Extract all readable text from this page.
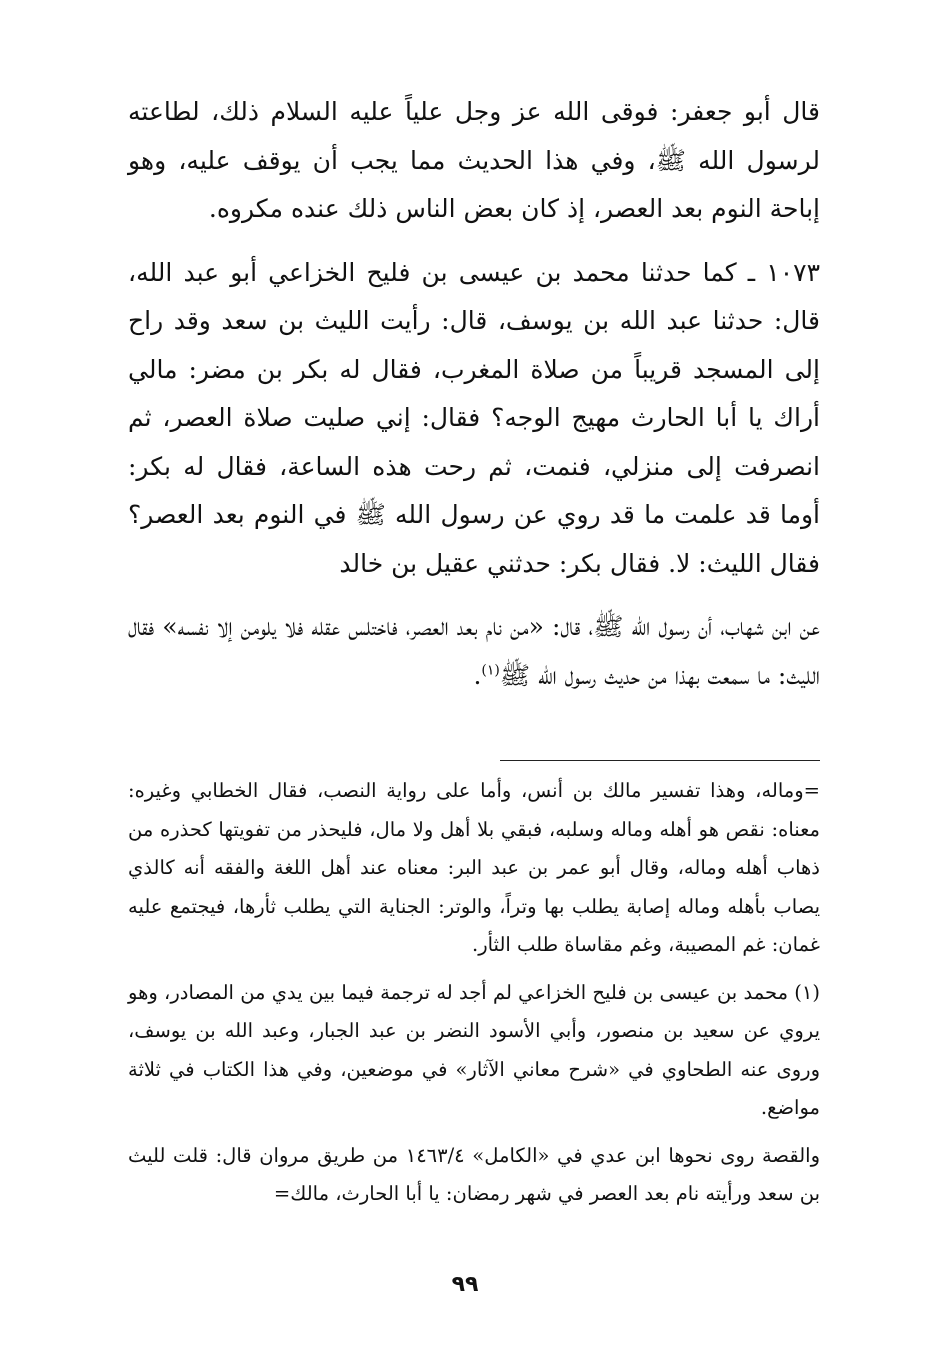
قال أبو جعفر: فوقى الله عز وجل علياً عليه السلام ذلك، لطاعته لرسول الله ﷺ، وفي هذا الحديث مما يجب أن يوقف عليه، وهو إباحة النوم بعد العصر، إذ كان بعض الناس ذلك عنده مكروه.

١٠٧٣ ـ كما حدثنا محمد بن عيسى بن فليح الخزاعي أبو عبد الله، قال: حدثنا عبد الله بن يوسف، قال: رأيت الليث بن سعد وقد راح إلى المسجد قريباً من صلاة المغرب، فقال له بكر بن مضر: مالي أراك يا أبا الحارث مهيج الوجه؟ فقال: إني صليت صلاة العصر، ثم انصرفت إلى منزلي، فنمت، ثم رحت هذه الساعة، فقال له بكر: أوما قد علمت ما قد روي عن رسول الله ﷺ في النوم بعد العصر؟ فقال الليث: لا. فقال بكر: حدثني عقيل بن خالد

عن ابن شهاب، أن رسول الله ﷺ، قال: «من نام بعد العصر، فاختلس عقله فلا يلومن إلا نفسه» فقال الليث: ما سمعت بهذا من حديث رسول الله ﷺ$^{(١)}$.

=وماله، وهذا تفسير مالك بن أنس، وأما على رواية النصب، فقال الخطابي وغيره: معناه: نقص هو أهله وماله وسلبه، فبقي بلا أهل ولا مال، فليحذر من تفويتها كحذره من ذهاب أهله وماله، وقال أبو عمر بن عبد البر: معناه عند أهل اللغة والفقه أنه كالذي يصاب بأهله وماله إصابة يطلب بها وتراً، والوتر: الجناية التي يطلب ثأرها، فيجتمع عليه غمان: غم المصيبة، وغم مقاساة طلب الثأر.

(١) محمد بن عيسى بن فليح الخزاعي لم أجد له ترجمة فيما بين يدي من المصادر، وهو يروي عن سعيد بن منصور، وأبي الأسود النضر بن عبد الجبار، وعبد الله بن يوسف، وروى عنه الطحاوي في «شرح معاني الآثار» في موضعين، وفي هذا الكتاب في ثلاثة مواضع.

والقصة روى نحوها ابن عدي في «الكامل» ١٤٦٣/٤ من طريق مروان قال: قلت لليث بن سعد ورأيته نام بعد العصر في شهر رمضان: يا أبا الحارث، مالك=

٩٩
